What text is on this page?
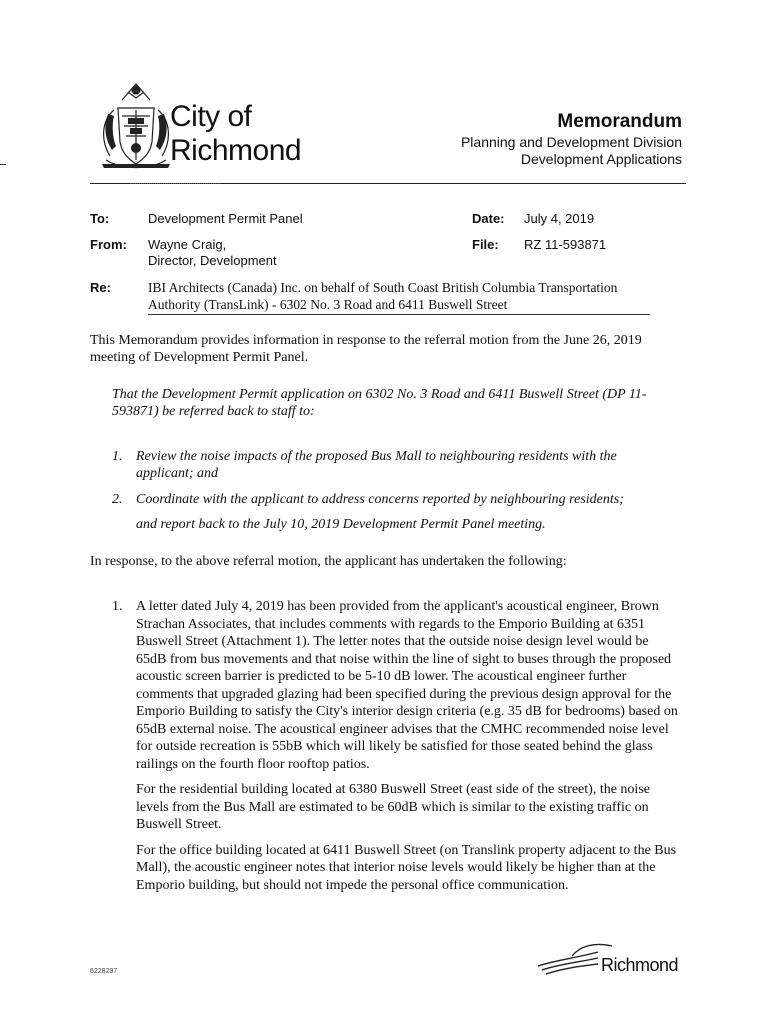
City of
Richmond
Memorandum
Planning and Development Division
Development Applications
To:	Development Permit Panel	Date: July 4, 2019
From: Wayne Craig,
Director, Development
File: RZ 11-593871
Re:	IBI Architects (Canada) Inc. on behalf of South Coast British Columbia Transportation
Authority (TransLink) - 6302 No. 3 Road and 6411 Buswell Street
This Memorandum provides information in response to the referral motion from the June 26, 2019 meeting of Development Permit Panel.
That the Development Permit application on 6302 No. 3 Road and 6411 Buswell Street (DP 11-593871) be referred back to staff to:
1. Review the noise impacts of the proposed Bus Mall to neighbouring residents with the applicant; and
2. Coordinate with the applicant to address concerns reported by neighbouring residents;
and report back to the July 10, 2019 Development Permit Panel meeting.
In response, to the above referral motion, the applicant has undertaken the following:
1. A letter dated July 4, 2019 has been provided from the applicant's acoustical engineer, Brown Strachan Associates, that includes comments with regards to the Emporio Building at 6351 Buswell Street (Attachment 1). The letter notes that the outside noise design level would be 65dB from bus movements and that noise within the line of sight to buses through the proposed acoustic screen barrier is predicted to be 5-10 dB lower. The acoustical engineer further comments that upgraded glazing had been specified during the previous design approval for the Emporio Building to satisfy the City's interior design criteria (e.g. 35 dB for bedrooms) based on 65dB external noise. The acoustical engineer advises that the CMHC recommended noise level for outside recreation is 55bB which will likely be satisfied for those seated behind the glass railings on the fourth floor rooftop patios.

For the residential building located at 6380 Buswell Street (east side of the street), the noise levels from the Bus Mall are estimated to be 60dB which is similar to the existing traffic on Buswell Street.

For the office building located at 6411 Buswell Street (on Translink property adjacent to the Bus Mall), the acoustic engineer notes that interior noise levels would likely be higher than at the Emporio building, but should not impede the personal office communication.

6228297	Richmond
